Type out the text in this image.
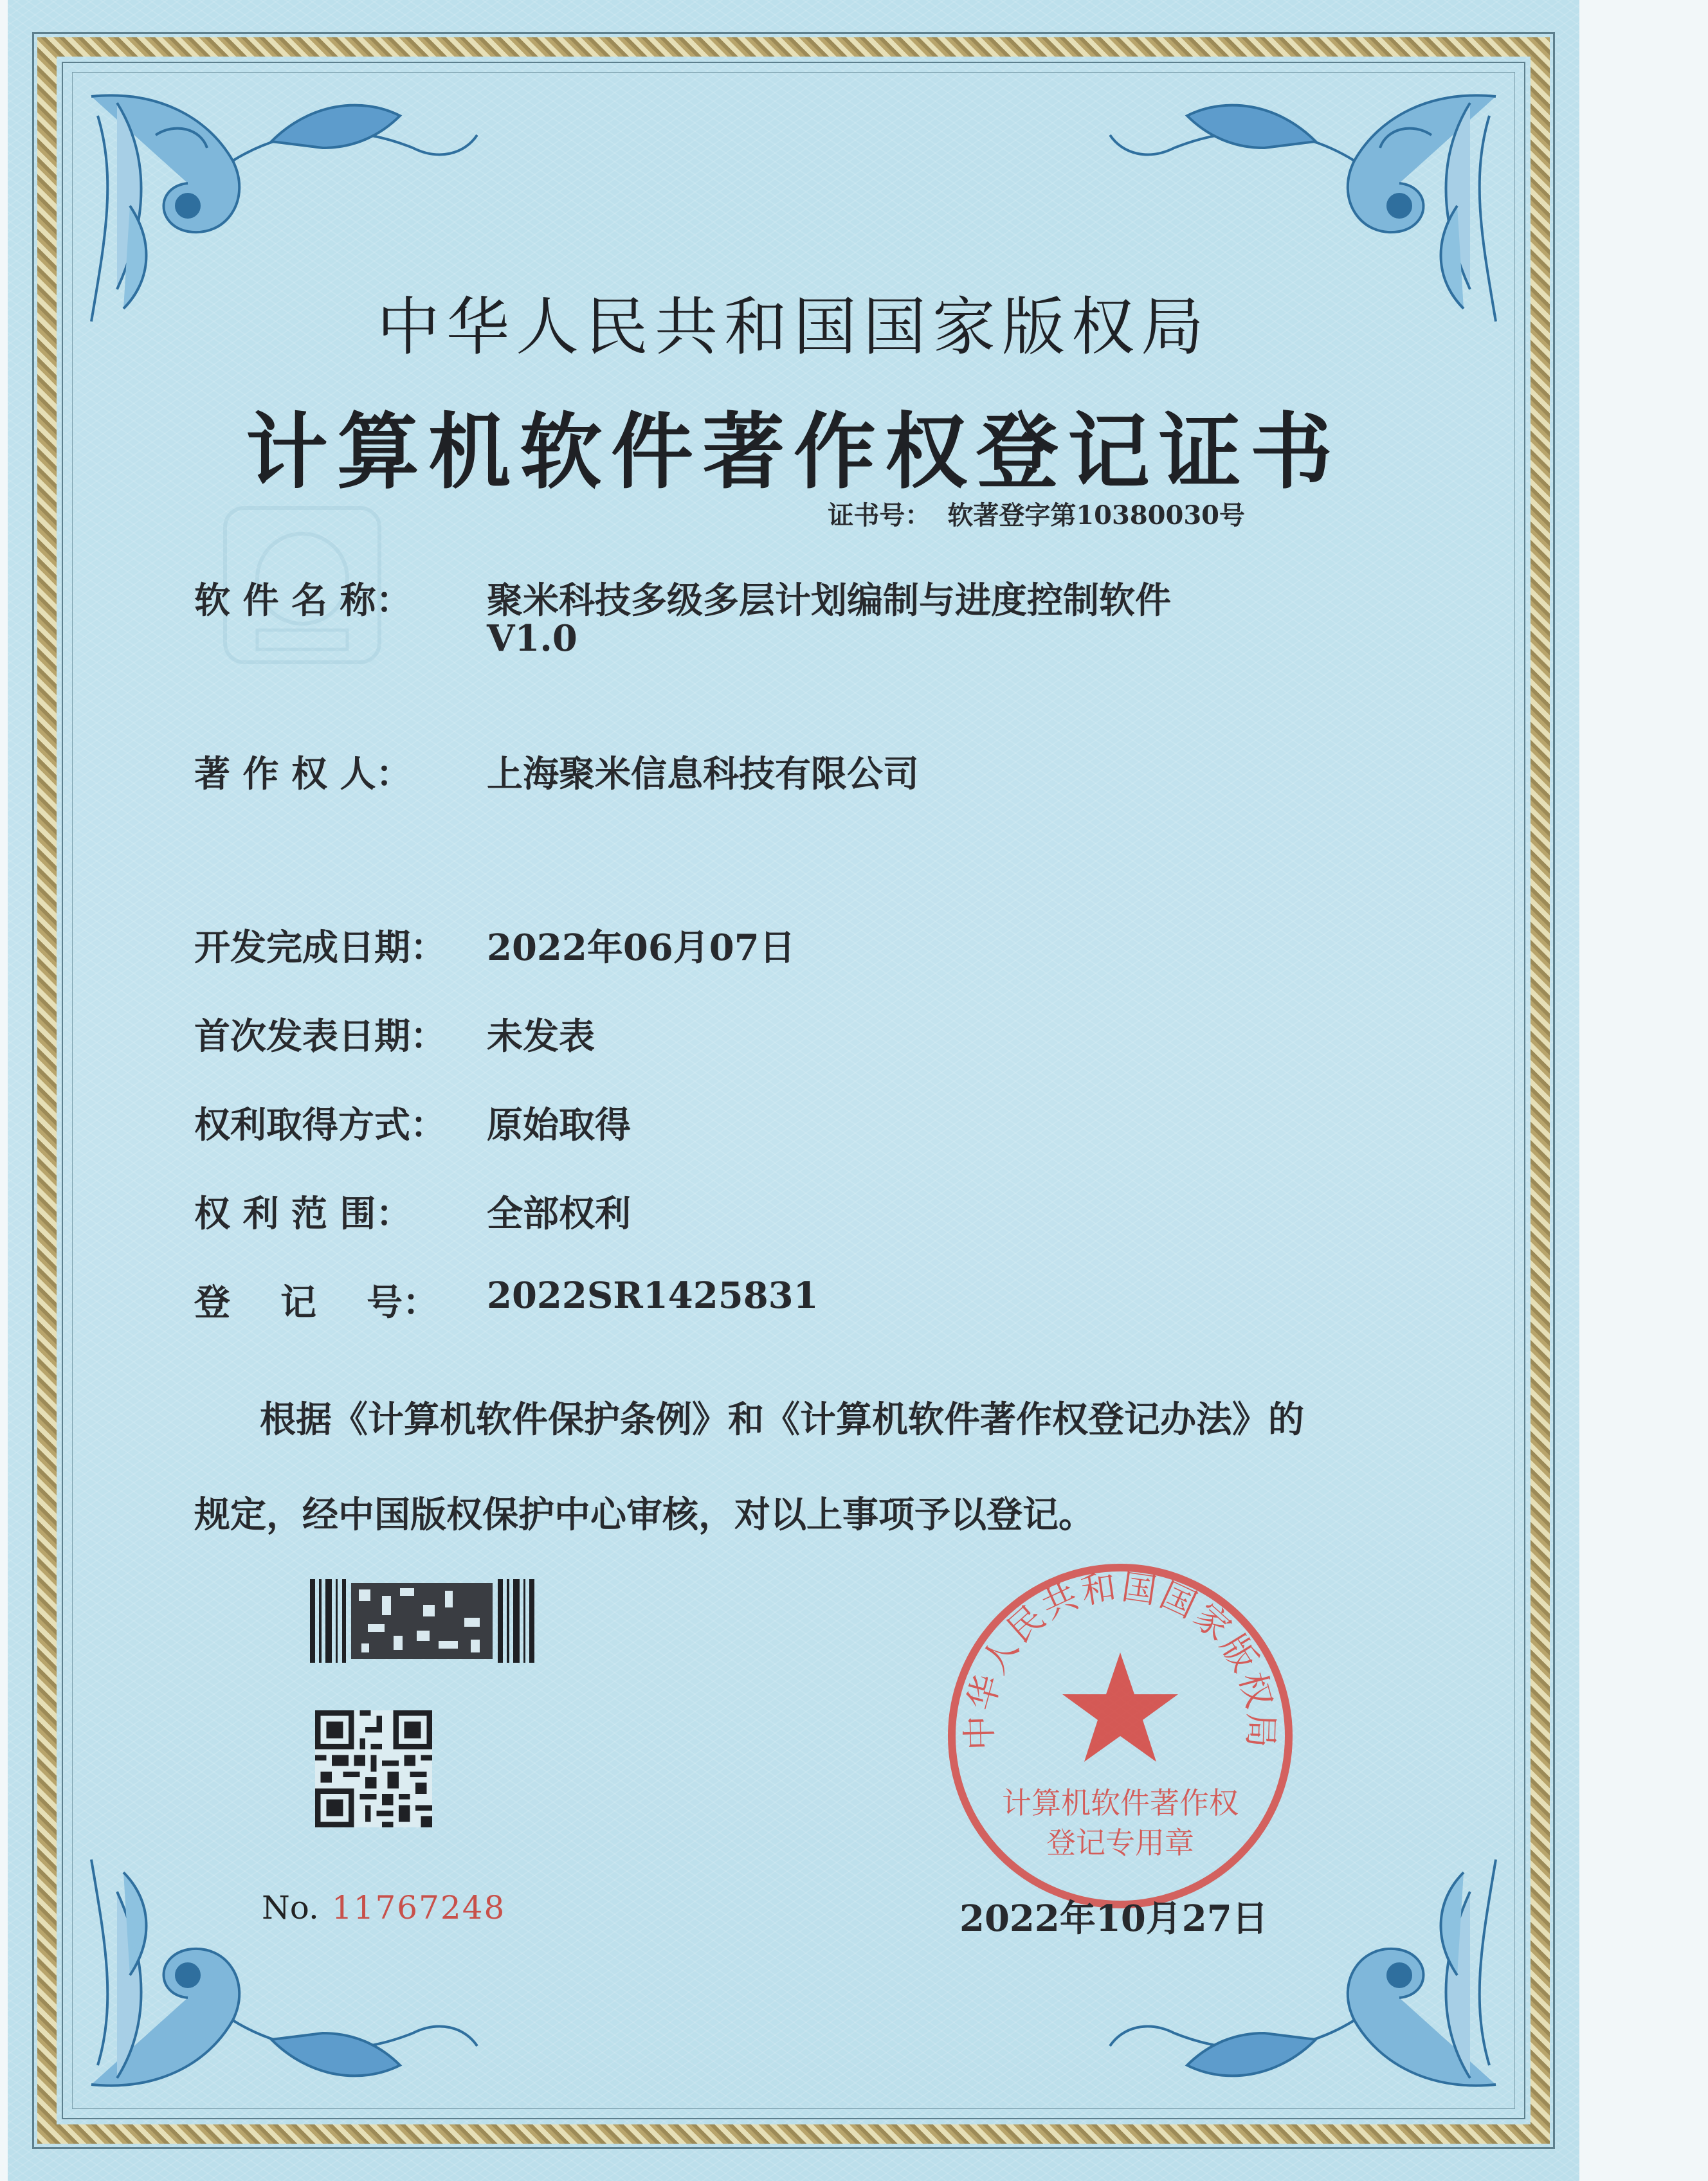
中华人民共和国国家版权局
计算机软件著作权登记证书
证书号： 软著登字第10380030号
软 件 名 称： 聚米科技多级多层计划编制与进度控制软件
V1.0
著 作 权 人： 上海聚米信息科技有限公司
开发完成日期： 2022年06月07日
首次发表日期： 未发表
权利取得方式： 原始取得
权 利 范 围： 全部权利
登    记    号： 2022SR1425831
根据《计算机软件保护条例》和《计算机软件著作权登记办法》的
规定，经中国版权保护中心审核，对以上事项予以登记。
No. 11767248
中华人民共和国国家版权局
计算机软件著作权
登记专用章
2022年10月27日
